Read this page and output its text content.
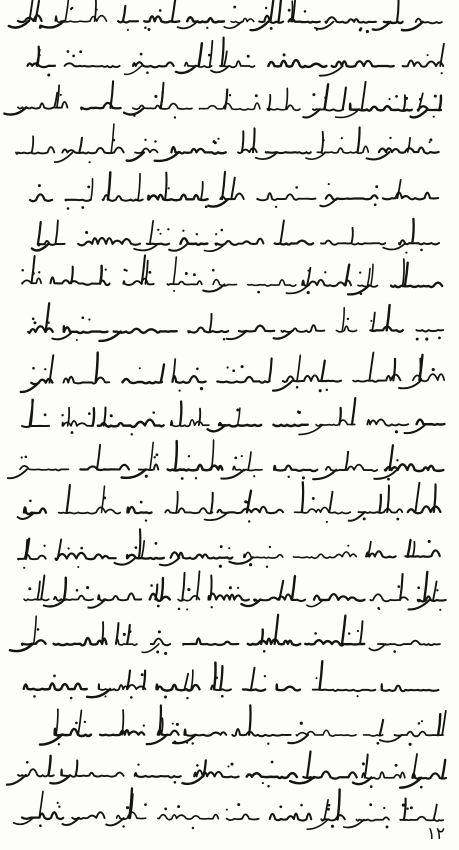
١٢
